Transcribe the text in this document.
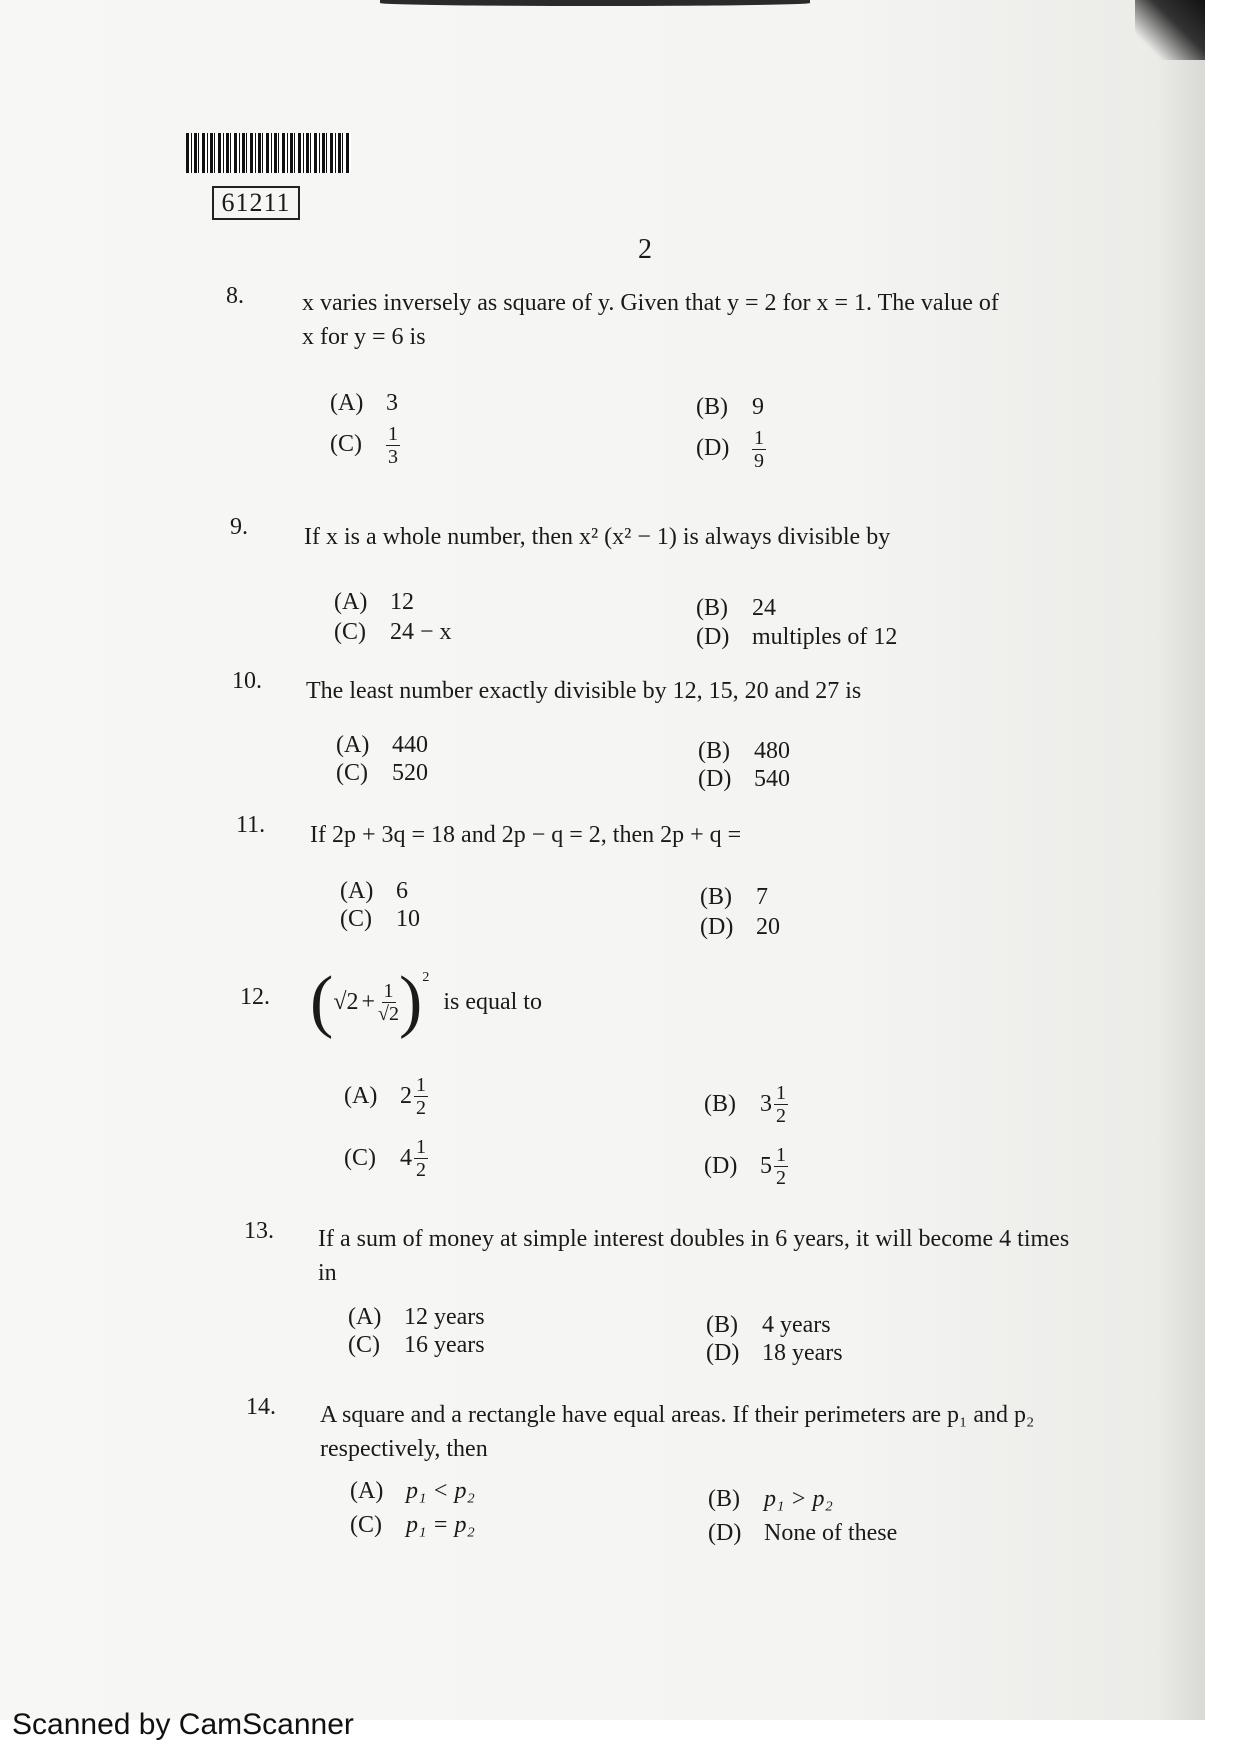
61211
2
8. x varies inversely as square of y. Given that y = 2 for x = 1. The value of
x for y = 6 is
(A) 3	(B) 9
$(C) \frac{1}{3}$	$(D) \frac{1}{9}$
9. If x is a whole number, then x² (x² − 1) is always divisible by
(A) 12	(B) 24
(C) 24 − x	(D) multiples of 12
10. The least number exactly divisible by 12, 15, 20 and 27 is
(A) 440	(B) 480
(C) 520	(D) 540
11. If 2p + 3q = 18 and 2p − q = 2, then 2p + q =
(A) 6	(B) 7
(C) 10	(D) 20
12. ( $√2 + \frac{1}{√2}$ ) 2
is equal to
(A) $2 \frac{1}{2}$	(B) $3 \frac{1}{2}$
(C) $4 \frac{1}{2}$	(D) $5 \frac{1}{2}$
13. If a sum of money at simple interest doubles in 6 years, it will become 4 times
in
(A) 12 years	(B) 4 years
(C) 16 years	(D) 18 years
14. A square and a rectangle have equal areas. If their perimeters are p₁ and p₂
respectively, then
(A) p₁ < p₂	(B) p₁ > p₂
(C) p₁ = p₂	(D) None of these
Scanned by CamScanner
